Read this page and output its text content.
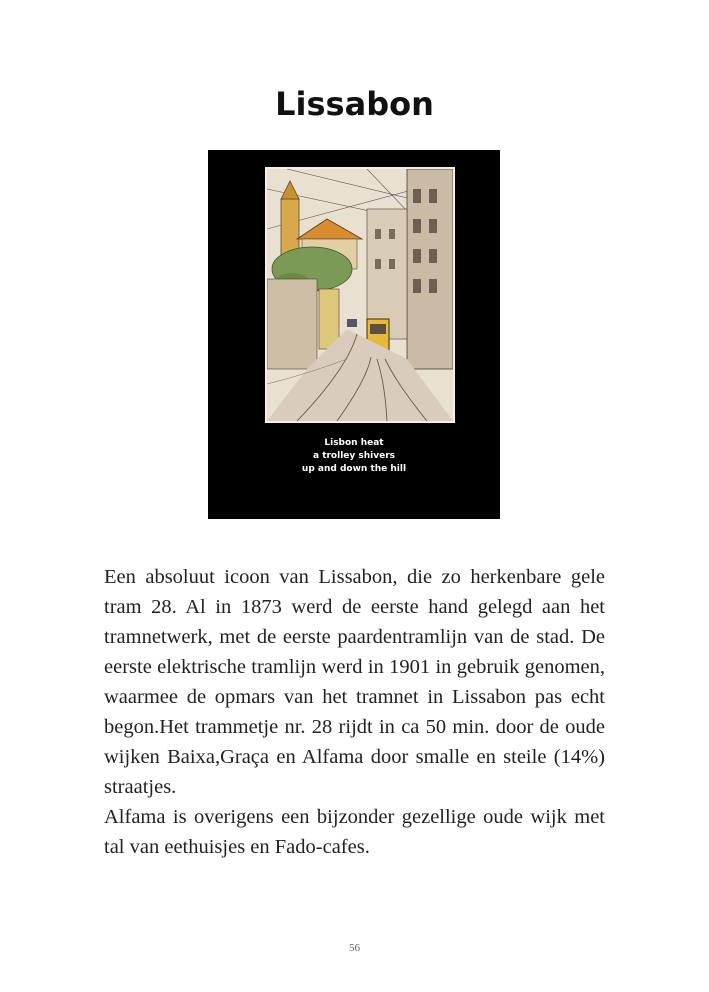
Lissabon
Lisbon heat
a trolley shivers
up and down the hill

Een absoluut icoon van Lissabon, die zo herkenbare gele tram 28. Al in 1873 werd de eerste hand gelegd aan het tramnetwerk, met de eerste paardentramlijn van de stad. De eerste elektrische tramlijn werd in 1901 in gebruik genomen, waarmee de opmars van het tramnet in Lissabon pas echt begon.Het trammetje nr. 28 rijdt in ca 50 min. door de oude wijken Baixa,Graça en Alfama door smalle en steile (14%) straatjes.

Alfama is overigens een bijzonder gezellige oude wijk met tal van eethuisjes en Fado-cafes.

56
